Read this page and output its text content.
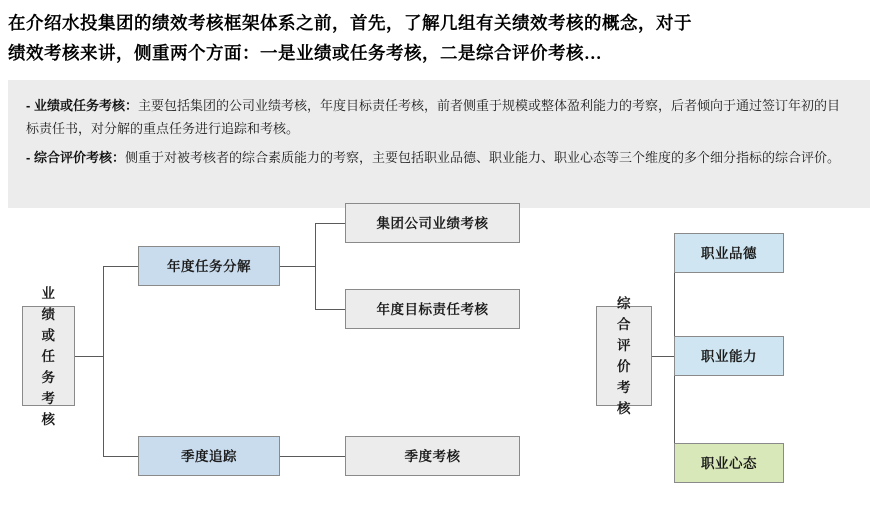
在介绍水投集团的绩效考核框架体系之前，首先，了解几组有关绩效考核的概念，对于
绩效考核来讲，侧重两个方面：一是业绩或任务考核，二是综合评价考核…
- 业绩或任务考核：主要包括集团的公司业绩考核，年度目标责任考核，前者侧重于规模或整体盈利能力的考察，后者倾向于通过签订年初的目标责任书，对分解的重点任务进行追踪和考核。
- 综合评价考核：侧重于对被考核者的综合素质能力的考察，主要包括职业品德、职业能力、职业心态等三个维度的多个细分指标的综合评价。
业绩或任务考核
年度任务分解
集团公司业绩考核
年度目标责任考核
季度追踪	季度考核
综合评价考核
职业品德
职业能力
职业心态
